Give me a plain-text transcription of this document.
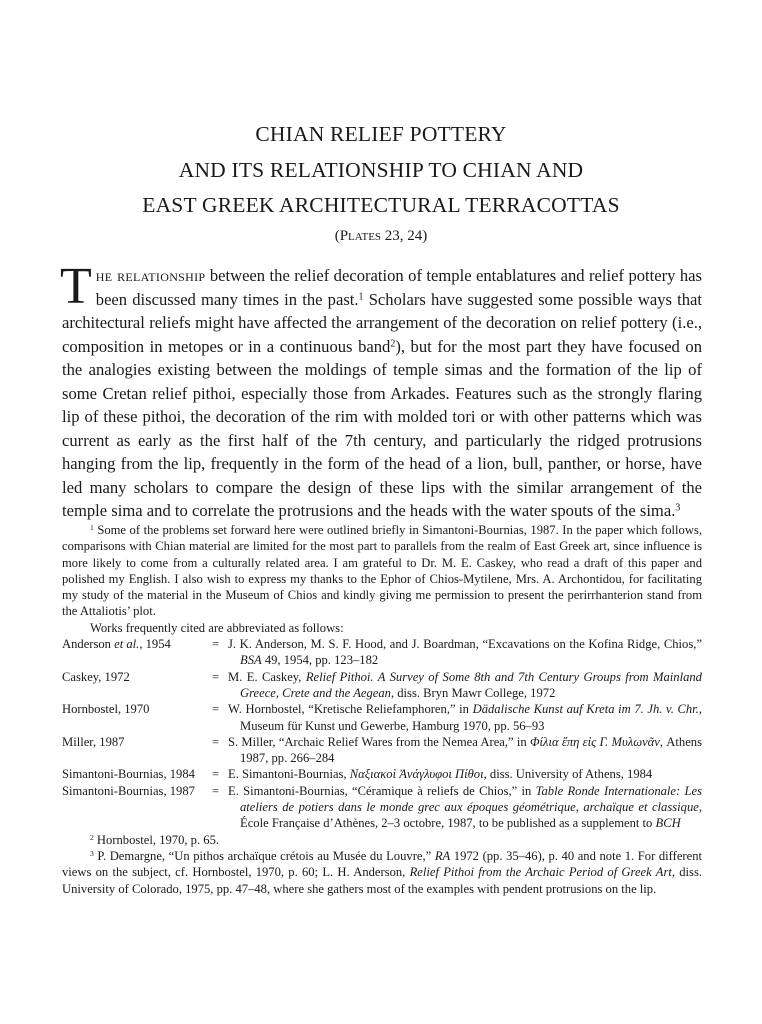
CHIAN RELIEF POTTERY
AND ITS RELATIONSHIP TO CHIAN AND
EAST GREEK ARCHITECTURAL TERRACOTTAS
(Plates 23, 24)

The relationship between the relief decoration of temple entablatures and relief pottery has been discussed many times in the past.$^1$ Scholars have suggested some possible ways that architectural reliefs might have affected the arrangement of the decoration on relief pottery (i.e., composition in metopes or in a continuous band$^2$), but for the most part they have focused on the analogies existing between the moldings of temple simas and the formation of the lip of some Cretan relief pithoi, especially those from Arkades. Features such as the strongly flaring lip of these pithoi, the decoration of the rim with molded tori or with other patterns which was current as early as the first half of the 7th century, and particularly the ridged protrusions hanging from the lip, frequently in the form of the head of a lion, bull, panther, or horse, have led many scholars to compare the design of these lips with the similar arrangement of the temple sima and to correlate the protrusions and the heads with the water spouts of the sima.$^3$

$^1$ Some of the problems set forward here were outlined briefly in Simantoni-Bournias, 1987. In the paper which follows, comparisons with Chian material are limited for the most part to parallels from the realm of East Greek art, since influence is more likely to come from a culturally related area. I am grateful to Dr. M. E. Caskey, who read a draft of this paper and polished my English. I also wish to express my thanks to the Ephor of Chios-Mytilene, Mrs. A. Archontidou, for facilitating my study of the material in the Museum of Chios and kindly giving me permission to present the perirrhanterion stand from the Attaliotis’ plot.

Works frequently cited are abbreviated as follows:

Anderson et al., 1954	=	J. K. Anderson, M. S. F. Hood, and J. Boardman, “Excavations on the Kofina Ridge, Chios,” BSA 49, 1954, pp. 123–182

Caskey, 1972	=	M. E. Caskey, Relief Pithoi. A Survey of Some 8th and 7th Century Groups from Mainland Greece, Crete and the Aegean, diss. Bryn Mawr College, 1972

Hornbostel, 1970	=	W. Hornbostel, “Kretische Reliefamphoren,” in Dädalische Kunst auf Kreta im 7. Jh. v. Chr., Museum für Kunst und Gewerbe, Hamburg 1970, pp. 56–93

Miller, 1987	=	S. Miller, “Archaic Relief Wares from the Nemea Area,” in Φίλια ἔπη εἰς Γ. Μυλωνᾶν, Athens 1987, pp. 266–284

Simantoni-Bournias, 1984	=	E. Simantoni-Bournias, Ναξιακοὶ Ἀνάγλυφοι Πίθοι, diss. University of Athens, 1984

Simantoni-Bournias, 1987	=	E. Simantoni-Bournias, “Céramique à reliefs de Chios,” in Table Ronde Internationale: Les ateliers de potiers dans le monde grec aux époques géométrique, archaïque et classique, École Française d’Athènes, 2–3 octobre, 1987, to be published as a supplement to BCH

$^2$ Hornbostel, 1970, p. 65.

$^3$ P. Demargne, “Un pithos archaïque crétois au Musée du Louvre,” RA 1972 (pp. 35–46), p. 40 and note 1. For different views on the subject, cf. Hornbostel, 1970, p. 60; L. H. Anderson, Relief Pithoi from the Archaic Period of Greek Art, diss. University of Colorado, 1975, pp. 47–48, where she gathers most of the examples with pendent protrusions on the lip.
